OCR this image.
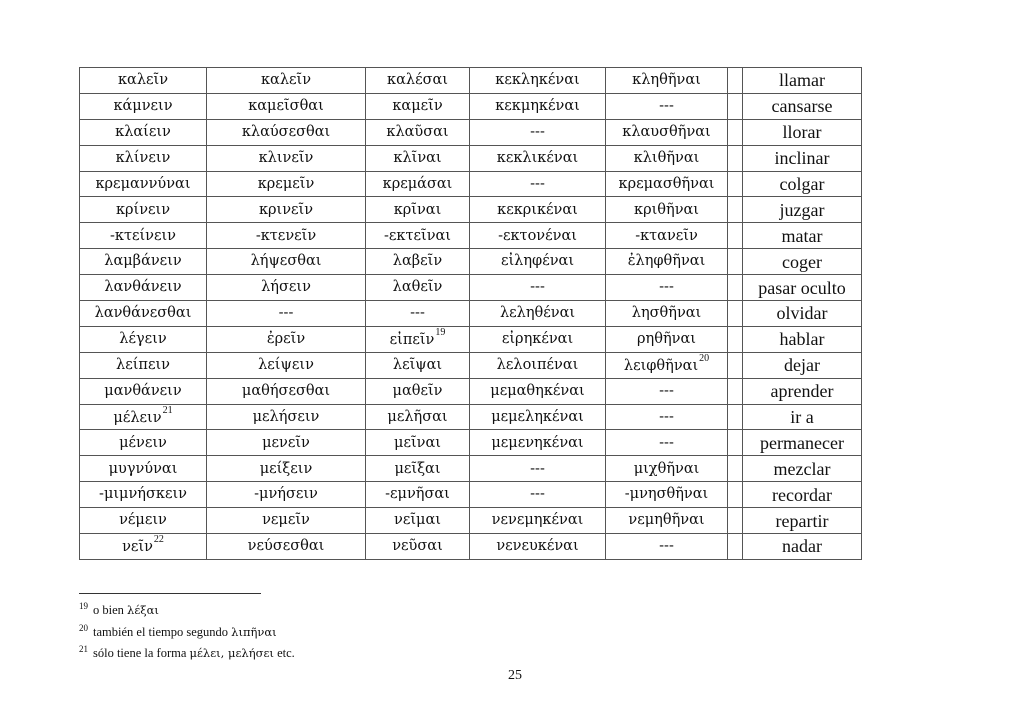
καλεῖν	καλεῖν	καλέσαι	κεκληκέναι	κληθῆναι		llamar
κάμνειν	καμεῖσθαι	καμεῖν	κεκμηκέναι	---		cansarse
κλαίειν	κλαύσεσθαι	κλαῦσαι	---	κλαυσθῆναι		llorar
κλίνειν	κλινεῖν	κλῖναι	κεκλικέναι	κλιθῆναι		inclinar
κρεμαννύναι	κρεμεῖν	κρεμάσαι	---	κρεμασθῆναι		colgar
κρίνειν	κρινεῖν	κρῖναι	κεκρικέναι	κριθῆναι		juzgar
-κτείνειν	-κτενεῖν	-εκτεῖναι	-εκτονέναι	-κτανεῖν		matar
λαμβάνειν	λήψεσθαι	λαβεῖν	εἰληφέναι	ἐληφθῆναι		coger
λανθάνειν	λήσειν	λαθεῖν	---	---		pasar oculto
λανθάνεσθαι	---	---	λεληθέναι	λησθῆναι		olvidar
λέγειν	ἐρεῖν	εἰπεῖν$^{19}$	εἰρηκέναι	ρηθῆναι		hablar
λείπειν	λείψειν	λεῖψαι	λελοιπέναι	λειφθῆναι$^{20}$		dejar
μανθάνειν	μαθήσεσθαι	μαθεῖν	μεμαθηκέναι	---		aprender
μέλειν$^{21}$	μελήσειν	μελῆσαι	μεμεληκέναι	---		ir a
μένειν	μενεῖν	μεῖναι	μεμενηκέναι	---		permanecer
μυγνύναι	μείξειν	μεῖξαι	---	μιχθῆναι		mezclar
-μιμνήσκειν	-μνήσειν	-εμνῆσαι	---	-μνησθῆναι		recordar
νέμειν	νεμεῖν	νεῖμαι	νενεμηκέναι	νεμηθῆναι		repartir
νεῖν$^{22}$	νεύσεσθαι	νεῦσαι	νενευκέναι	---		nadar
$^{19}$ o bien λέξαι
$^{20}$ también el tiempo segundo λιπῆναι
$^{21}$ sólo tiene la forma μέλει, μελήσει etc.
25
